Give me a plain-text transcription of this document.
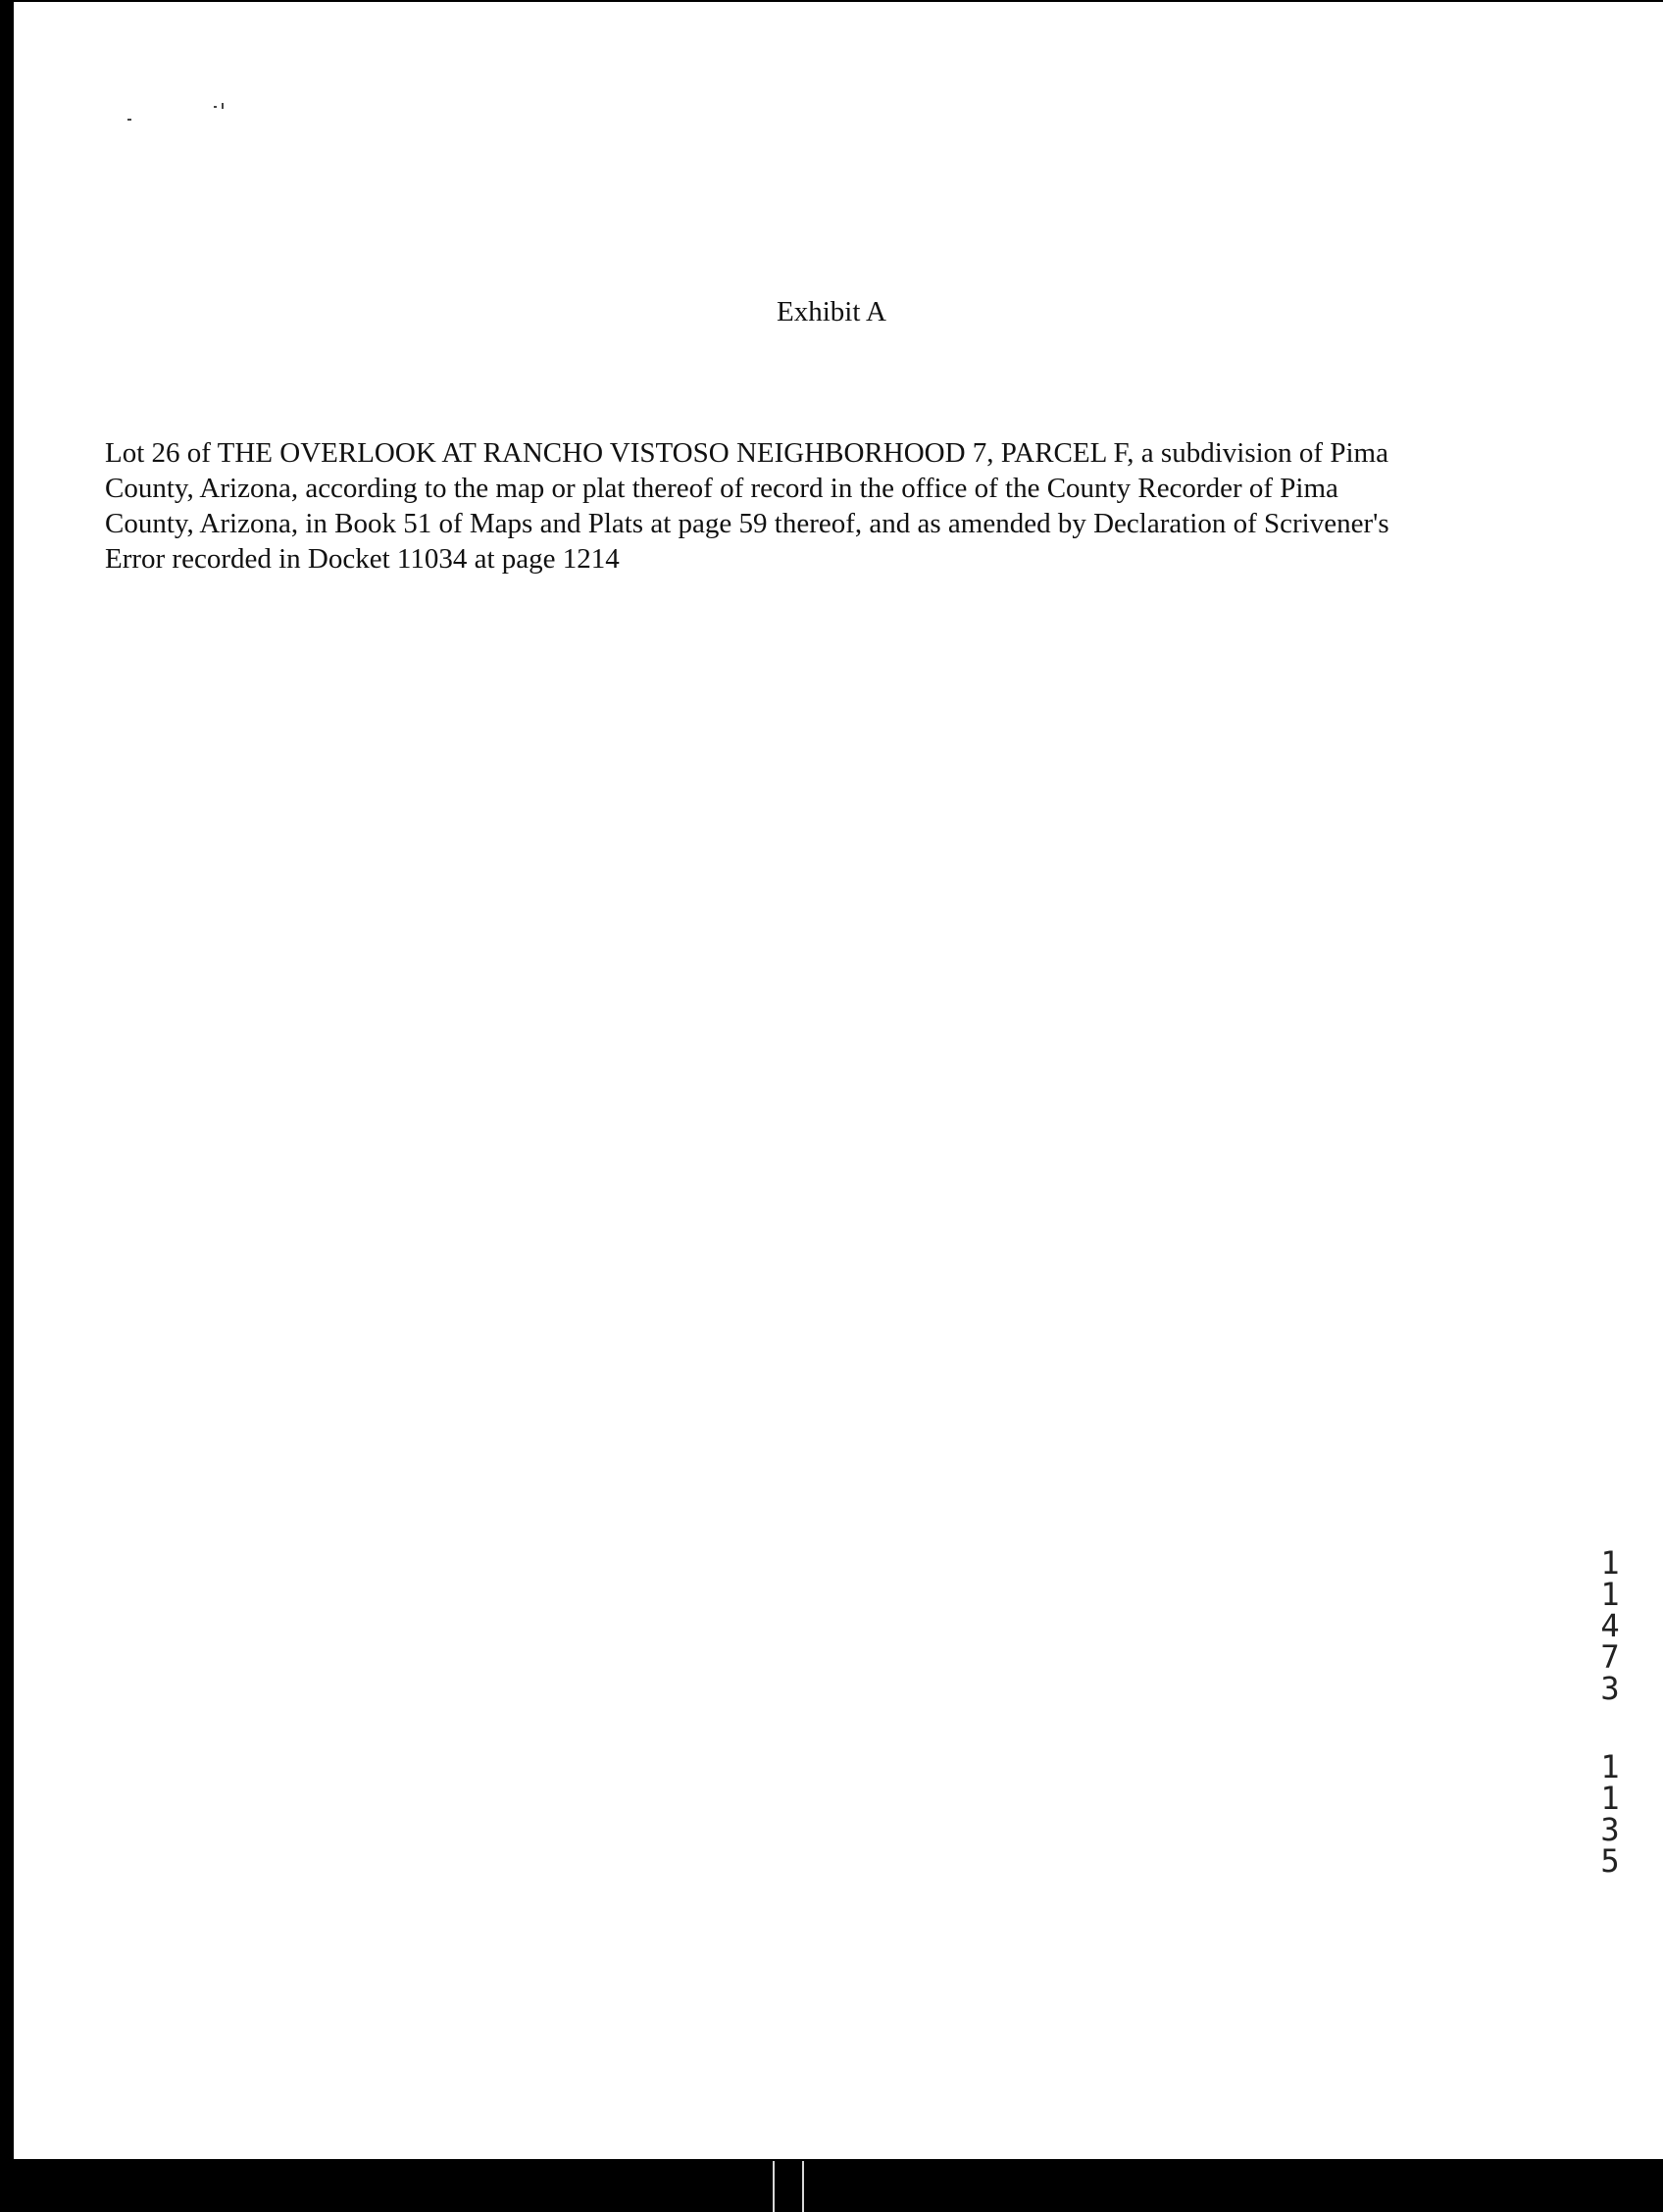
Exhibit A

Lot 26 of THE OVERLOOK AT RANCHO VISTOSO NEIGHBORHOOD 7, PARCEL F, a subdivision of Pima
County, Arizona, according to the map or plat thereof of record in the office of the County Recorder of Pima
County, Arizona, in Book 51 of Maps and Plats at page 59 thereof, and as amended by Declaration of Scrivener's
Error recorded in Docket 11034 at page 1214

1
1
4
7
3
1
1
3
5
